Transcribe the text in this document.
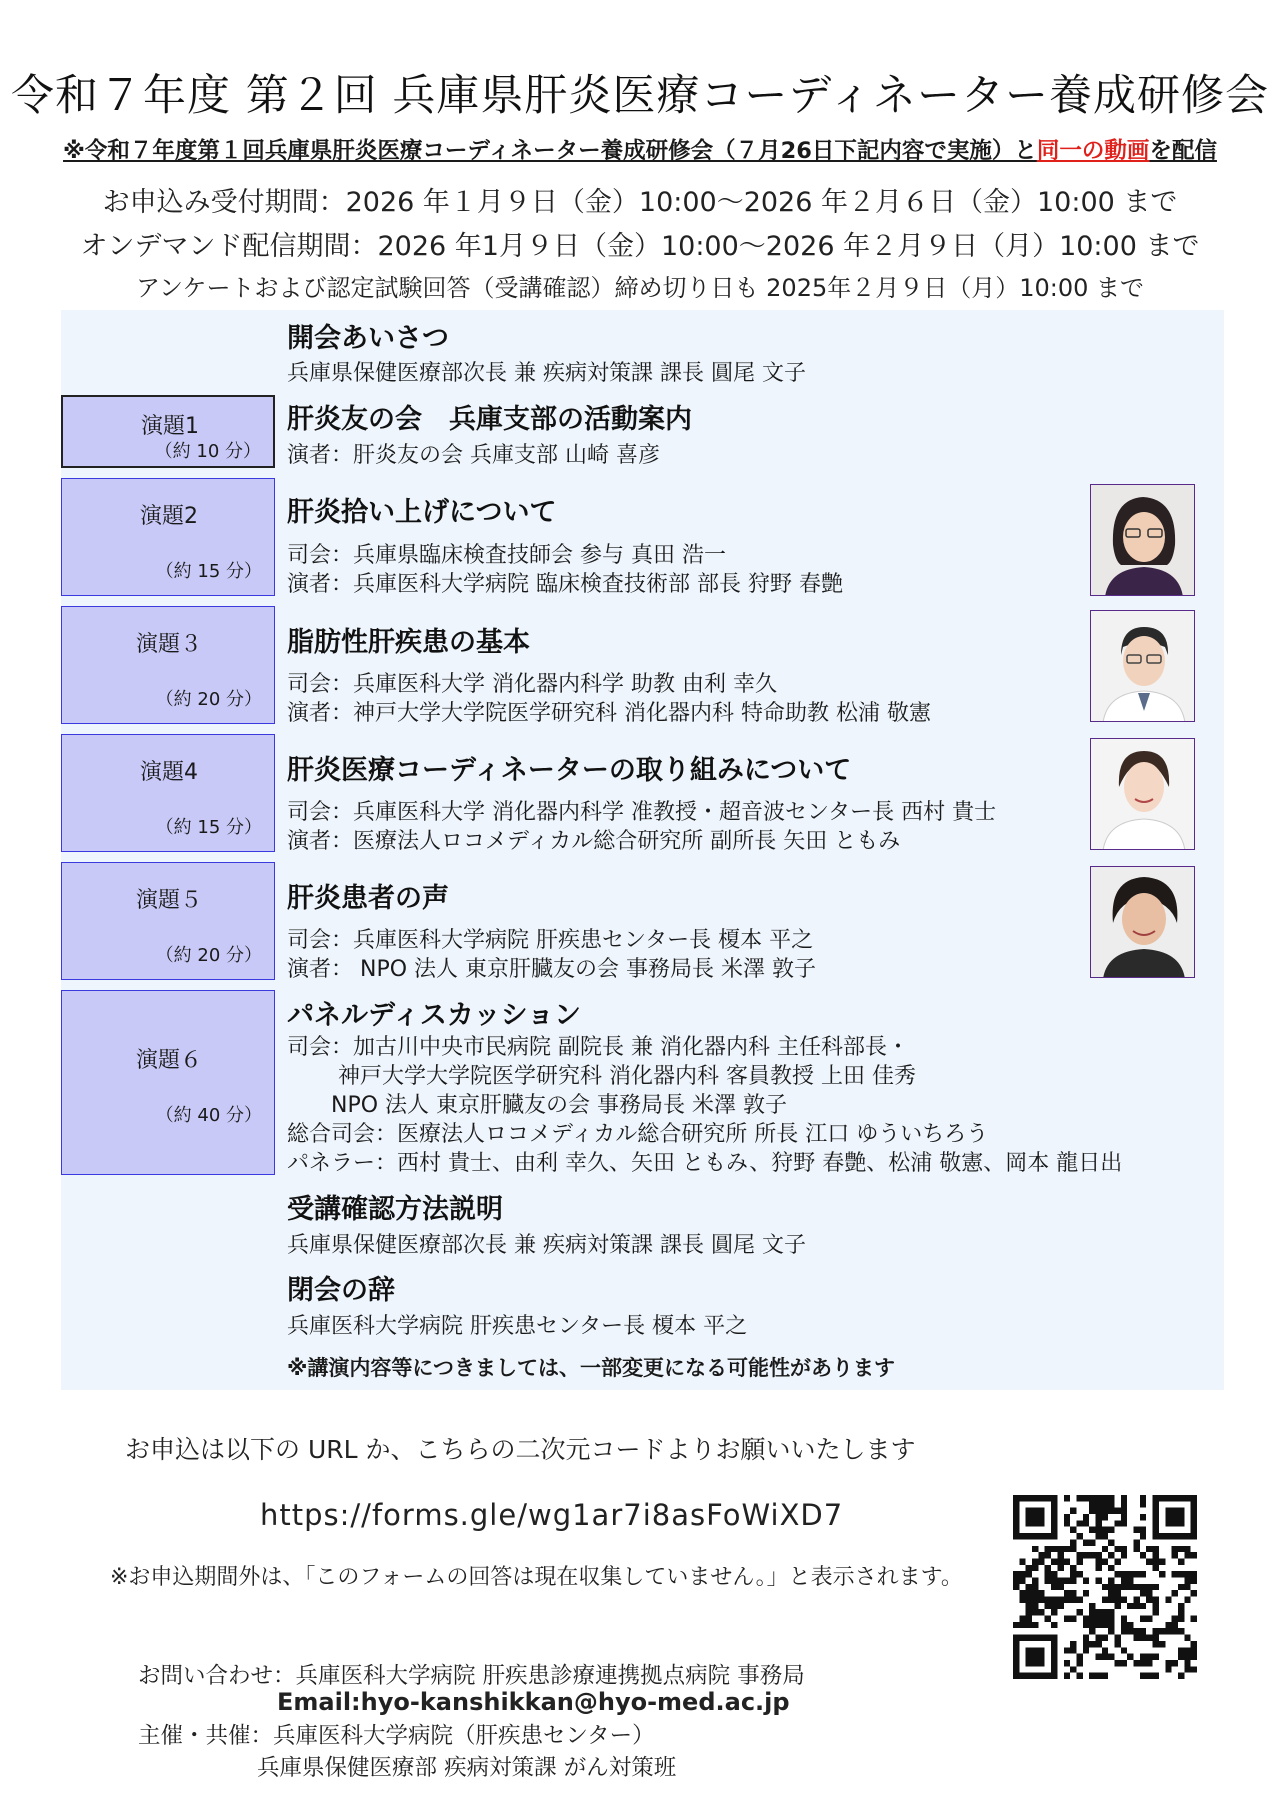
令和７年度 第２回 兵庫県肝炎医療コーディネーター養成研修会
※令和７年度第１回兵庫県肝炎医療コーディネーター養成研修会（７月26日下記内容で実施）と同一の動画を配信
お申込み受付期間：2026 年１月９日（金）10:00～2026 年２月６日（金）10:00 まで
オンデマンド配信期間：2026 年1月９日（金）10:00～2026 年２月９日（月）10:00 まで
アンケートおよび認定試験回答（受講確認）締め切り日も 2025年２月９日（月）10:00 まで
開会あいさつ
兵庫県保健医療部次長 兼 疾病対策課 課長 圓尾 文子
演題1
（約 10 分）
肝炎友の会　兵庫支部の活動案内
演者：肝炎友の会 兵庫支部 山崎 喜彦
演題2
（約 15 分）
肝炎拾い上げについて
司会：兵庫県臨床検査技師会 参与 真田 浩一
演者：兵庫医科大学病院 臨床検査技術部 部長 狩野 春艶
演題３
（約 20 分）
脂肪性肝疾患の基本
司会：兵庫医科大学 消化器内科学 助教 由利 幸久
演者：神戸大学大学院医学研究科 消化器内科 特命助教 松浦 敬憲
演題4
（約 15 分）
肝炎医療コーディネーターの取り組みについて
司会：兵庫医科大学 消化器内科学 准教授・超音波センター長 西村 貴士
演者：医療法人ロコメディカル総合研究所 副所長 矢田 ともみ
演題５
（約 20 分）
肝炎患者の声
司会：兵庫医科大学病院 肝疾患センター長 榎本 平之
演者： NPO 法人 東京肝臓友の会 事務局長 米澤 敦子
演題６
（約 40 分）
パネルディスカッション
司会：加古川中央市民病院 副院長 兼 消化器内科 主任科部長・
　　 神戸大学大学院医学研究科 消化器内科 客員教授 上田 佳秀
　　NPO 法人 東京肝臓友の会 事務局長 米澤 敦子
総合司会：医療法人ロコメディカル総合研究所 所長 江口 ゆういちろう
パネラー：西村 貴士、由利 幸久、矢田 ともみ、狩野 春艶、松浦 敬憲、岡本 龍日出
受講確認方法説明
兵庫県保健医療部次長 兼 疾病対策課 課長 圓尾 文子
閉会の辞
兵庫医科大学病院 肝疾患センター長 榎本 平之
※講演内容等につきましては、一部変更になる可能性があります
お申込は以下の URL か、こちらの二次元コードよりお願いいたします
https://forms.gle/wg1ar7i8asFoWiXD7
※お申込期間外は、「このフォームの回答は現在収集していません。」と表示されます。
お問い合わせ：兵庫医科大学病院 肝疾患診療連携拠点病院 事務局
Email:hyo-kanshikkan@hyo-med.ac.jp
主催・共催：兵庫医科大学病院（肝疾患センター）
兵庫県保健医療部 疾病対策課 がん対策班
